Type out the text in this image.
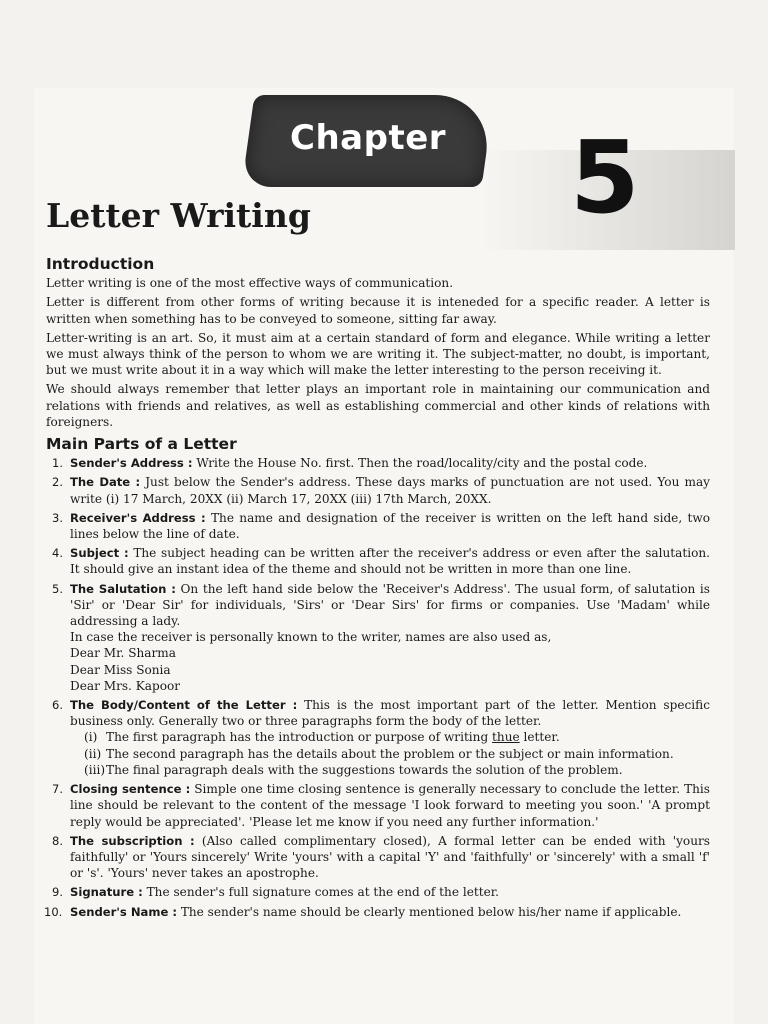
Chapter 5
Letter Writing
Introduction

Letter writing is one of the most effective ways of communication.

Letter is different from other forms of writing because it is inteneded for a specific reader. A letter is written when something has to be conveyed to someone, sitting far away.

Letter-writing is an art. So, it must aim at a certain standard of form and elegance. While writing a letter we must always think of the person to whom we are writing it. The subject-matter, no doubt, is important, but we must write about it in a way which will make the letter interesting to the person receiving it.

We should always remember that letter plays an important role in maintaining our communication and relations with friends and relatives, as well as establishing commercial and other kinds of relations with foreigners.

Main Parts of a Letter
Sender's Address : Write the House No. first. Then the road/locality/city and the postal code.
The Date : Just below the Sender's address. These days marks of punctuation are not used. You may write (i) 17 March, 20XX (ii) March 17, 20XX (iii) 17th March, 20XX.
Receiver's Address : The name and designation of the receiver is written on the left hand side, two lines below the line of date.
Subject : The subject heading can be written after the receiver's address or even after the salutation. It should give an instant idea of the theme and should not be written in more than one line.
The Salutation : On the left hand side below the 'Receiver's Address'. The usual form, of salutation is 'Sir' or 'Dear Sir' for individuals, 'Sirs' or 'Dear Sirs' for firms or companies. Use 'Madam' while addressing a lady.
In case the receiver is personally known to the writer, names are also used as,
Dear Mr. Sharma
Dear Miss Sonia
Dear Mrs. Kapoor
The Body/Content of the Letter : This is the most important part of the letter. Mention specific business only. Generally two or three paragraphs form the body of the letter.
(i) The first paragraph has the introduction or purpose of writing thue letter.
(ii) The second paragraph has the details about the problem or the subject or main information.
(iii) The final paragraph deals with the suggestions towards the solution of the problem.
Closing sentence : Simple one time closing sentence is generally necessary to conclude the letter. This line should be relevant to the content of the message 'I look forward to meeting you soon.' 'A prompt reply would be appreciated'. 'Please let me know if you need any further information.'
The subscription : (Also called complimentary closed), A formal letter can be ended with 'yours faithfully' or 'Yours sincerely' Write 'yours' with a capital 'Y' and 'faithfully' or 'sincerely' with a small 'f' or 's'. 'Yours' never takes an apostrophe.
Signature : The sender's full signature comes at the end of the letter.
Sender's Name : The sender's name should be clearly mentioned below his/her name if applicable.
